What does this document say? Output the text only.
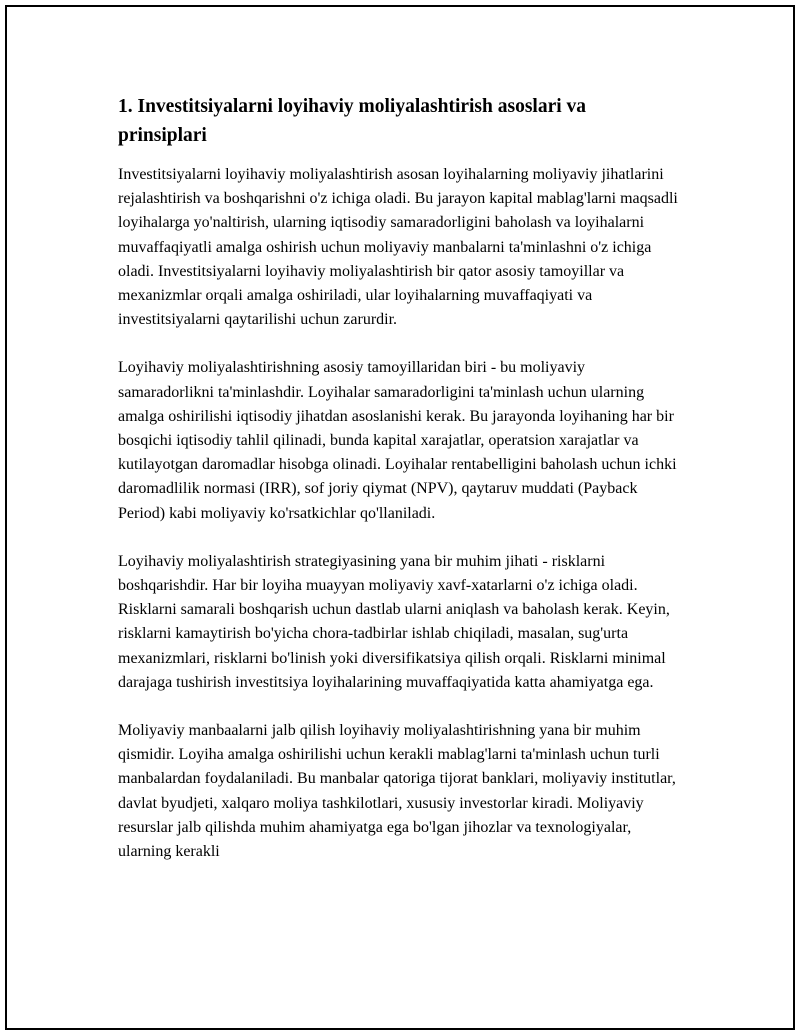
1. Investitsiyalarni loyihaviy moliyalashtirish asoslari va prinsiplari

Investitsiyalarni loyihaviy moliyalashtirish asosan loyihalarning moliyaviy jihatlarini rejalashtirish va boshqarishni o'z ichiga oladi. Bu jarayon kapital mablag'larni maqsadli loyihalarga yo'naltirish, ularning iqtisodiy samaradorligini baholash va loyihalarni muvaffaqiyatli amalga oshirish uchun moliyaviy manbalarni ta'minlashni o'z ichiga oladi. Investitsiyalarni loyihaviy moliyalashtirish bir qator asosiy tamoyillar va mexanizmlar orqali amalga oshiriladi, ular loyihalarning muvaffaqiyati va investitsiyalarni qaytarilishi uchun zarurdir.

Loyihaviy moliyalashtirishning asosiy tamoyillaridan biri - bu moliyaviy samaradorlikni ta'minlashdir. Loyihalar samaradorligini ta'minlash uchun ularning amalga oshirilishi iqtisodiy jihatdan asoslanishi kerak. Bu jarayonda loyihaning har bir bosqichi iqtisodiy tahlil qilinadi, bunda kapital xarajatlar, operatsion xarajatlar va kutilayotgan daromadlar hisobga olinadi. Loyihalar rentabelligini baholash uchun ichki daromadlilik normasi (IRR), sof joriy qiymat (NPV), qaytaruv muddati (Payback Period) kabi moliyaviy ko'rsatkichlar qo'llaniladi.

Loyihaviy moliyalashtirish strategiyasining yana bir muhim jihati - risklarni boshqarishdir. Har bir loyiha muayyan moliyaviy xavf-xatarlarni o'z ichiga oladi. Risklarni samarali boshqarish uchun dastlab ularni aniqlash va baholash kerak. Keyin, risklarni kamaytirish bo'yicha chora-tadbirlar ishlab chiqiladi, masalan, sug'urta mexanizmlari, risklarni bo'linish yoki diversifikatsiya qilish orqali. Risklarni minimal darajaga tushirish investitsiya loyihalarining muvaffaqiyatida katta ahamiyatga ega.

Moliyaviy manbaalarni jalb qilish loyihaviy moliyalashtirishning yana bir muhim qismidir. Loyiha amalga oshirilishi uchun kerakli mablag'larni ta'minlash uchun turli manbalardan foydalaniladi. Bu manbalar qatoriga tijorat banklari, moliyaviy institutlar, davlat byudjeti, xalqaro moliya tashkilotlari, xususiy investorlar kiradi. Moliyaviy resurslar jalb qilishda muhim ahamiyatga ega bo'lgan jihozlar va texnologiyalar, ularning kerakli
